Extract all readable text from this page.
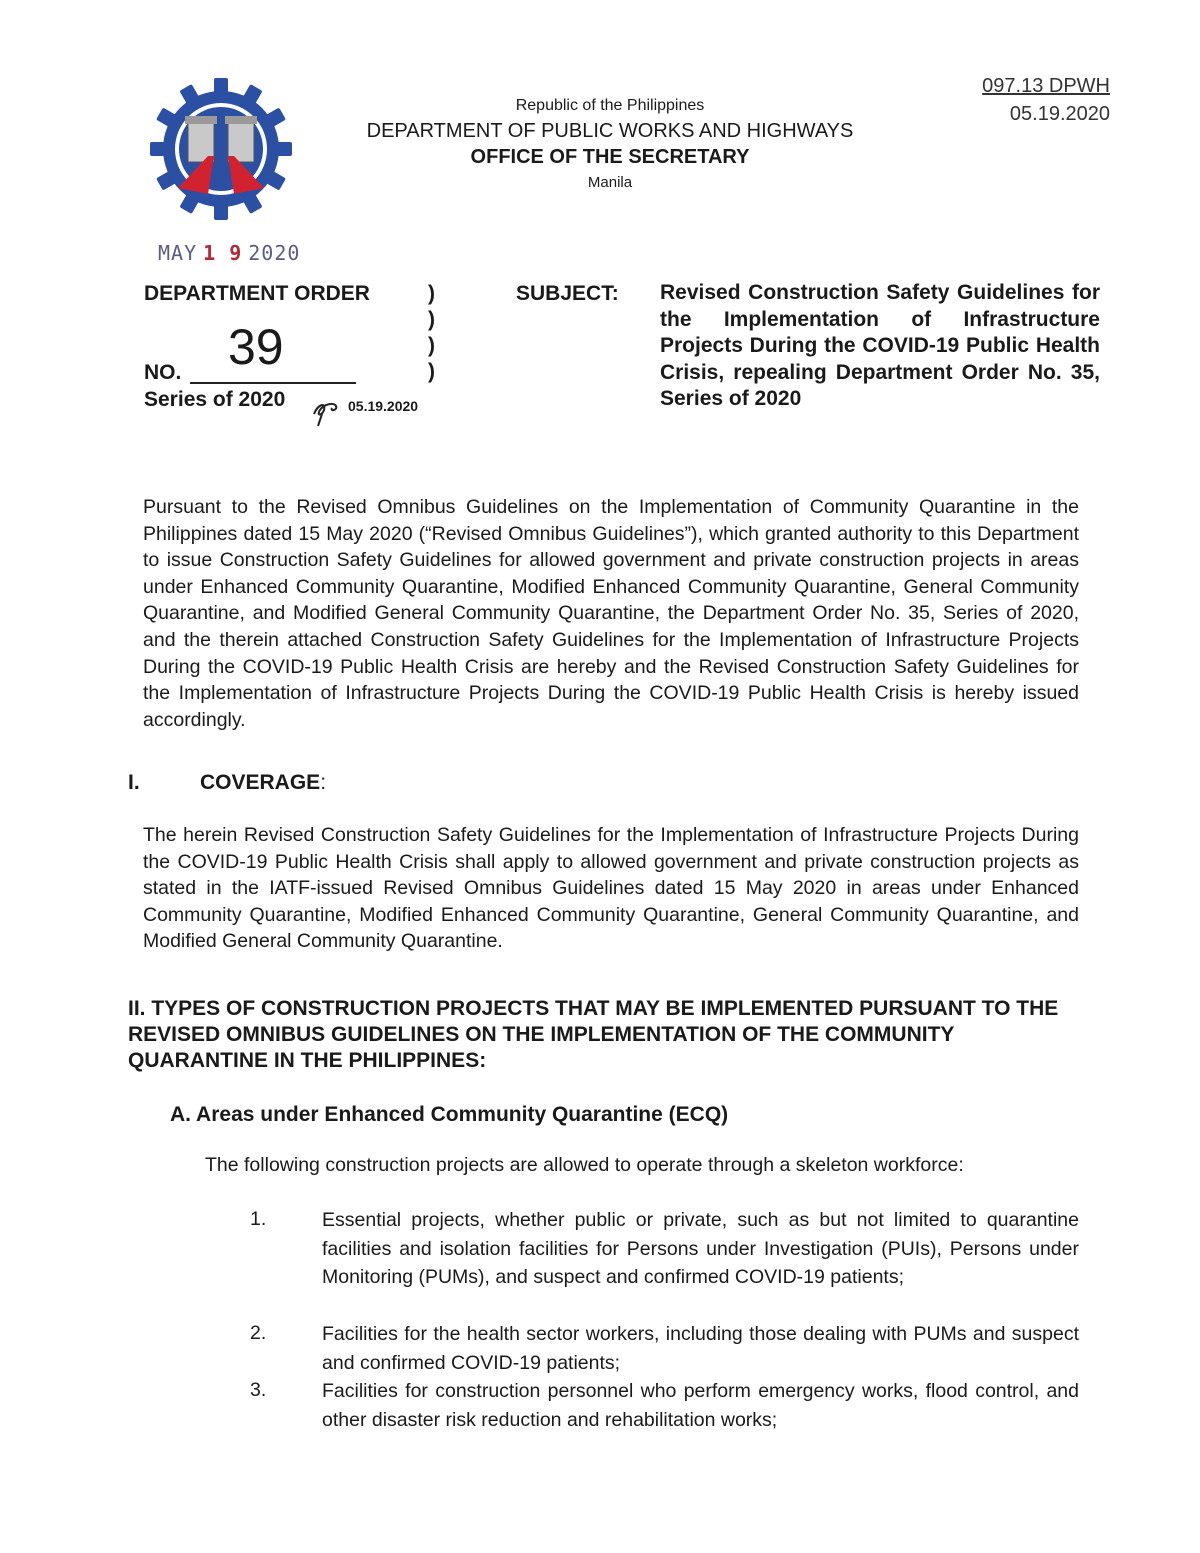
Republic of the Philippines
DEPARTMENT OF PUBLIC WORKS AND HIGHWAYS
OFFICE OF THE SECRETARY
Manila
097.13 DPWH
05.19.2020
MAY 1 9 2020
DEPARTMENT ORDER	)
)
)
)
39
NO.
Series of 2020	05.19.2020
SUBJECT: Revised Construction Safety Guidelines for the Implementation of Infrastructure Projects During the COVID-19 Public Health Crisis, repealing Department Order No. 35, Series of 2020
Pursuant to the Revised Omnibus Guidelines on the Implementation of Community Quarantine in the Philippines dated 15 May 2020 (“Revised Omnibus Guidelines”), which granted authority to this Department to issue Construction Safety Guidelines for allowed government and private construction projects in areas under Enhanced Community Quarantine, Modified Enhanced Community Quarantine, General Community Quarantine, and Modified General Community Quarantine, the Department Order No. 35, Series of 2020, and the therein attached Construction Safety Guidelines for the Implementation of Infrastructure Projects During the COVID-19 Public Health Crisis are hereby and the Revised Construction Safety Guidelines for the Implementation of Infrastructure Projects During the COVID-19 Public Health Crisis is hereby issued accordingly.
I.	COVERAGE:
The herein Revised Construction Safety Guidelines for the Implementation of Infrastructure Projects During the COVID-19 Public Health Crisis shall apply to allowed government and private construction projects as stated in the IATF-issued Revised Omnibus Guidelines dated 15 May 2020 in areas under Enhanced Community Quarantine, Modified Enhanced Community Quarantine, General Community Quarantine, and Modified General Community Quarantine.
II. TYPES OF CONSTRUCTION PROJECTS THAT MAY BE IMPLEMENTED PURSUANT TO THE REVISED OMNIBUS GUIDELINES ON THE IMPLEMENTATION OF THE COMMUNITY QUARANTINE IN THE PHILIPPINES:
A. Areas under Enhanced Community Quarantine (ECQ)
The following construction projects are allowed to operate through a skeleton workforce:
1.	Essential projects, whether public or private, such as but not limited to quarantine facilities and isolation facilities for Persons under Investigation (PUIs), Persons under Monitoring (PUMs), and suspect and confirmed COVID-19 patients;
2.	Facilities for the health sector workers, including those dealing with PUMs and suspect and confirmed COVID-19 patients;
3.	Facilities for construction personnel who perform emergency works, flood control, and other disaster risk reduction and rehabilitation works;
